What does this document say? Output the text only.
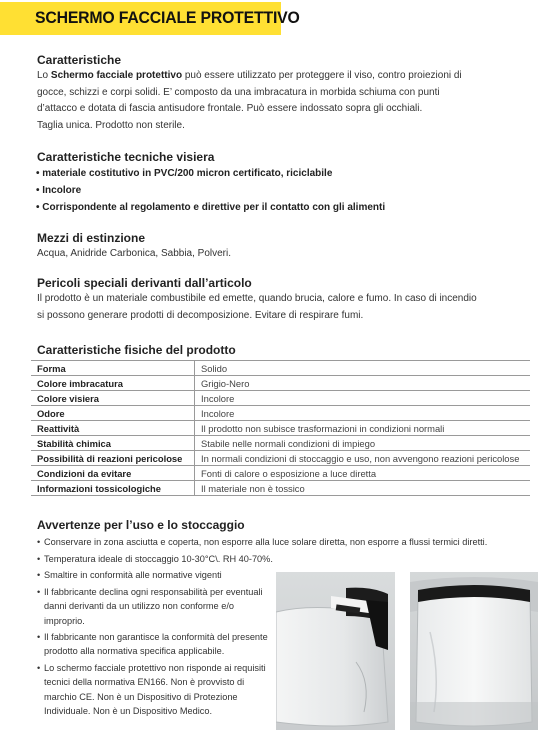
SCHERMO FACCIALE PROTETTIVO
Caratteristiche
Lo Schermo facciale protettivo può essere utilizzato per proteggere il viso, contro proiezioni di
gocce, schizzi e corpi solidi. E’ composto da una imbracatura in morbida schiuma con punti
d’attacco e dotata di fascia antisudore frontale. Può essere indossato sopra gli occhiali.
Taglia unica. Prodotto non sterile.
Caratteristiche tecniche visiera
• materiale costitutivo in PVC/200 micron certificato, riciclabile
• Incolore
• Corrispondente al regolamento e direttive per il contatto con gli alimenti
Mezzi di estinzione
Acqua, Anidride Carbonica, Sabbia, Polveri.
Pericoli speciali derivanti dall’articolo
Il prodotto è un materiale combustibile ed emette, quando brucia, calore e fumo. In caso di incendio
si possono generare prodotti di decomposizione. Evitare di respirare fumi.
Caratteristiche fisiche del prodotto
Forma	Solido
Colore imbracatura	Grigio-Nero
Colore visiera	Incolore
Odore	Incolore
Reattività	Il prodotto non subisce trasformazioni in condizioni normali
Stabilità chimica	Stabile nelle normali condizioni di impiego
Possibilità di reazioni pericolose	In normali condizioni di stoccaggio e uso, non avvengono reazioni pericolose
Condizioni da evitare	Fonti di calore o esposizione a luce diretta
Informazioni tossicologiche	Il materiale non è tossico
Avvertenze per l’uso e lo stoccaggio
• Conservare in zona asciutta e coperta, non esporre alla luce solare diretta, non esporre a flussi termici diretti.
• Temperatura ideale di stoccaggio 10-30°C\. RH 40-70%.
• Smaltire in conformità alle normative vigenti
• Il fabbricante declina ogni responsabilità per eventuali danni derivanti da un utilizzo non conforme e/o improprio.
• Il fabbricante non garantisce la conformità del presente prodotto alla normativa specifica applicabile.
• Lo schermo facciale protettivo non risponde ai requisiti tecnici della normativa EN166. Non è provvisto di marchio CE. Non è un Dispositivo di Protezione Individuale. Non è un Dispositivo Medico.
